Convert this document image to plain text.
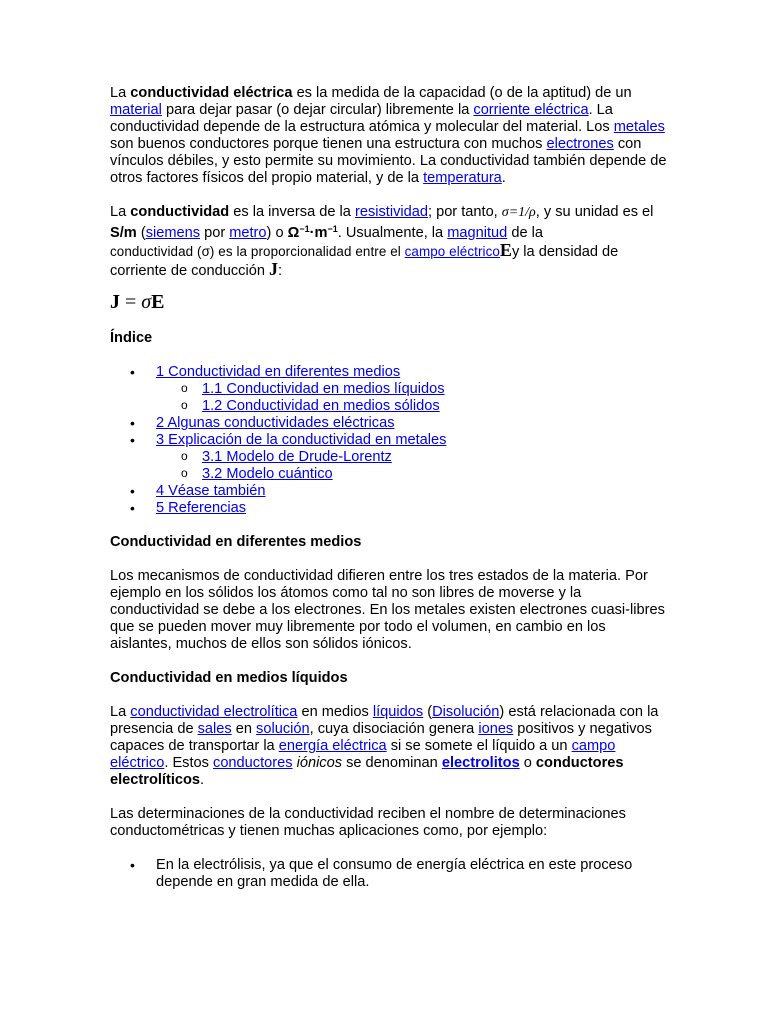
La conductividad eléctrica es la medida de la capacidad (o de la aptitud) de un material para dejar pasar (o dejar circular) libremente la corriente eléctrica. La conductividad depende de la estructura atómica y molecular del material. Los metales son buenos conductores porque tienen una estructura con muchos electrones con vínculos débiles, y esto permite su movimiento. La conductividad también depende de otros factores físicos del propio material, y de la temperatura.

La conductividad es la inversa de la resistividad; por tanto, σ=1/ρ, y su unidad es el S/m (siemens por metro) o $\Omega^{-1}\cdot m^{-1}$. Usualmente, la magnitud de la
conductividad (σ) es la proporcionalidad entre el campo eléctricoEy la densidad de corriente de conducción J:

J = σE
Índice
• 1 Conductividad en diferentes medios
o 1.1 Conductividad en medios líquidos
o 1.2 Conductividad en medios sólidos
• 2 Algunas conductividades eléctricas
• 3 Explicación de la conductividad en metales
o 3.1 Modelo de Drude-Lorentz
o 3.2 Modelo cuántico
• 4 Véase también
• 5 Referencias
Conductividad en diferentes medios

Los mecanismos de conductividad difieren entre los tres estados de la materia. Por ejemplo en los sólidos los átomos como tal no son libres de moverse y la conductividad se debe a los electrones. En los metales existen electrones cuasi-libres que se pueden mover muy libremente por todo el volumen, en cambio en los aislantes, muchos de ellos son sólidos iónicos.

Conductividad en medios líquidos

La conductividad electrolítica en medios líquidos (Disolución) está relacionada con la presencia de sales en solución, cuya disociación genera iones positivos y negativos capaces de transportar la energía eléctrica si se somete el líquido a un campo eléctrico. Estos conductores iónicos se denominan electrolitos o conductores electrolíticos.

Las determinaciones de la conductividad reciben el nombre de determinaciones conductométricas y tienen muchas aplicaciones como, por ejemplo:

• En la electrólisis, ya que el consumo de energía eléctrica en este proceso depende en gran medida de ella.
